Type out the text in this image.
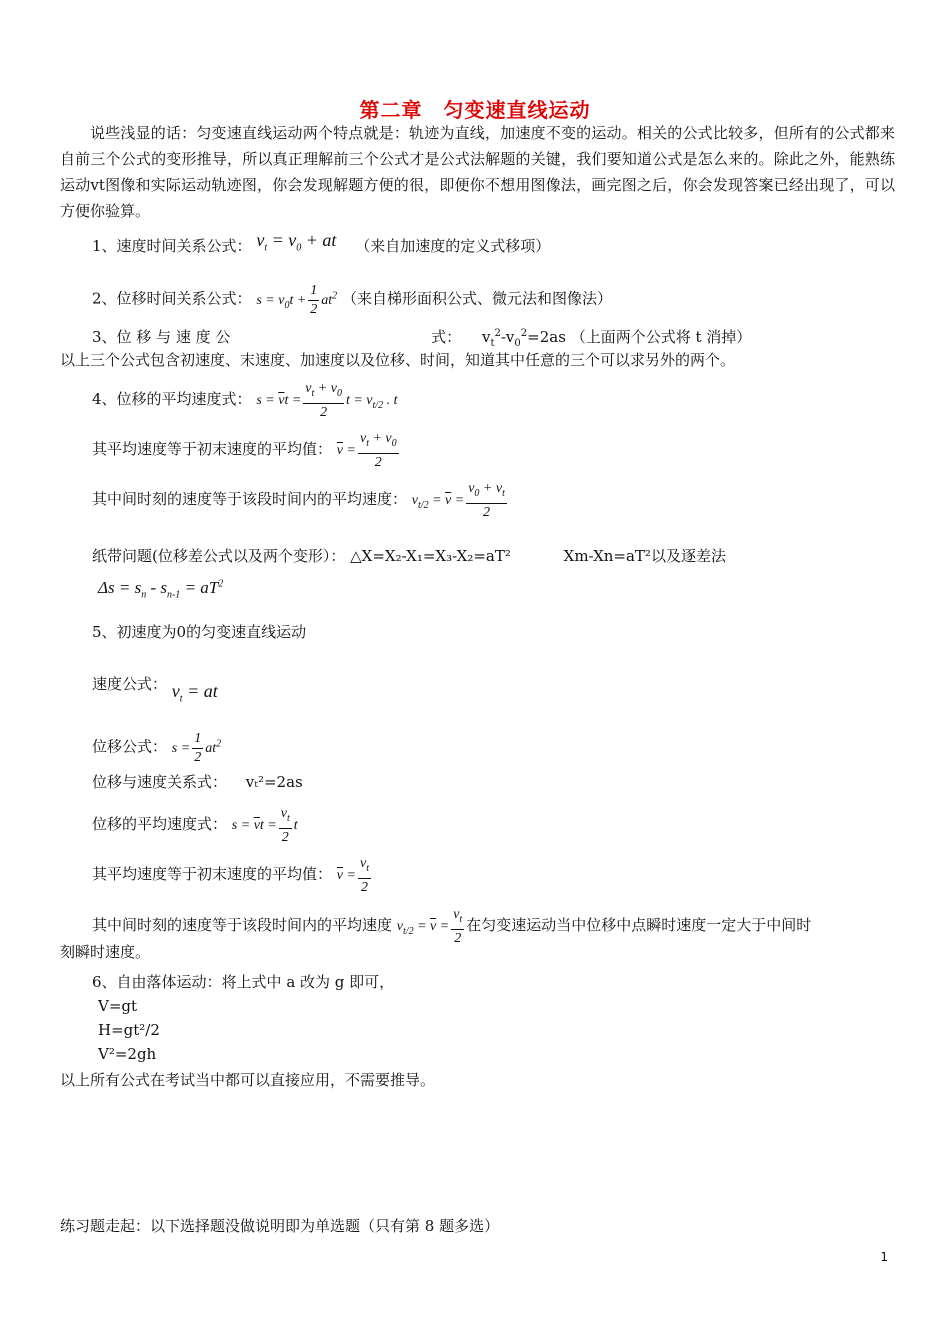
第二章　匀变速直线运动
说些浅显的话：匀变速直线运动两个特点就是：轨迹为直线，加速度不变的运动。相关的公式比较多，但所有的公式都来自前三个公式的变形推导，所以真正理解前三个公式才是公式法解题的关键，我们要知道公式是怎么来的。除此之外，能熟练运动vt图像和实际运动轨迹图，你会发现解题方便的很，即便你不想用图像法，画完图之后，你会发现答案已经出现了，可以方便你验算。
1、速度时间关系公式： $v_t = v_0$ + at （来自加速度的定义式移项）
2、位移时间关系公式： $s = v_0t + \frac{1}{2} at^2$ （来自梯形面积公式、微元法和图像法）
3、位 移 与 速 度 公	式： $v_t^2-v_0^2=2as$ （上面两个公式将 t 消掉）
以上三个公式包含初速度、末速度、加速度以及位移、时间，知道其中任意的三个可以求另外的两个。
4、位移的平均速度式： $s = \overline{v}t = \frac{v_t + v_0}{2}$ $t = v_{t/2}$ . t
其平均速度等于初末速度的平均值： $\overline{v} = \frac{v_t + v_0}{2}$
其中间时刻的速度等于该段时间内的平均速度： $v_{t/2} = \overline{v} = \frac{v_0 + v_t}{2}$
纸带问题(位移差公式以及两个变形）： △X=X₂-X₁=X₃-X₂=aT²	Xm-Xn=aT²以及逐差法
$\Delta s = s_n - s_{n-1} = aT^2$
5、初速度为0的匀变速直线运动
速度公式： $v_t$ = at
位移公式： $s = \frac{1}{2} at^2$
位移与速度关系式： vₜ²=2as
位移的平均速度式： $s = \overline{v}t = \frac{v_t}{2}$ t
其平均速度等于初末速度的平均值： $\overline{v} = \frac{v_t}{2}$
其中间时刻的速度等于该段时间内的平均速度 $v_{t/2} = \overline{v} = \frac{v_t}{2}$ 在匀变速运动当中位移中点瞬时速度一定大于中间时
刻瞬时速度。
6、自由落体运动：将上式中 a 改为 g 即可，
V=gt
H=gt²/2
V²=2gh
以上所有公式在考试当中都可以直接应用，不需要推导。
练习题走起：以下选择题没做说明即为单选题（只有第 8 题多选）
1
